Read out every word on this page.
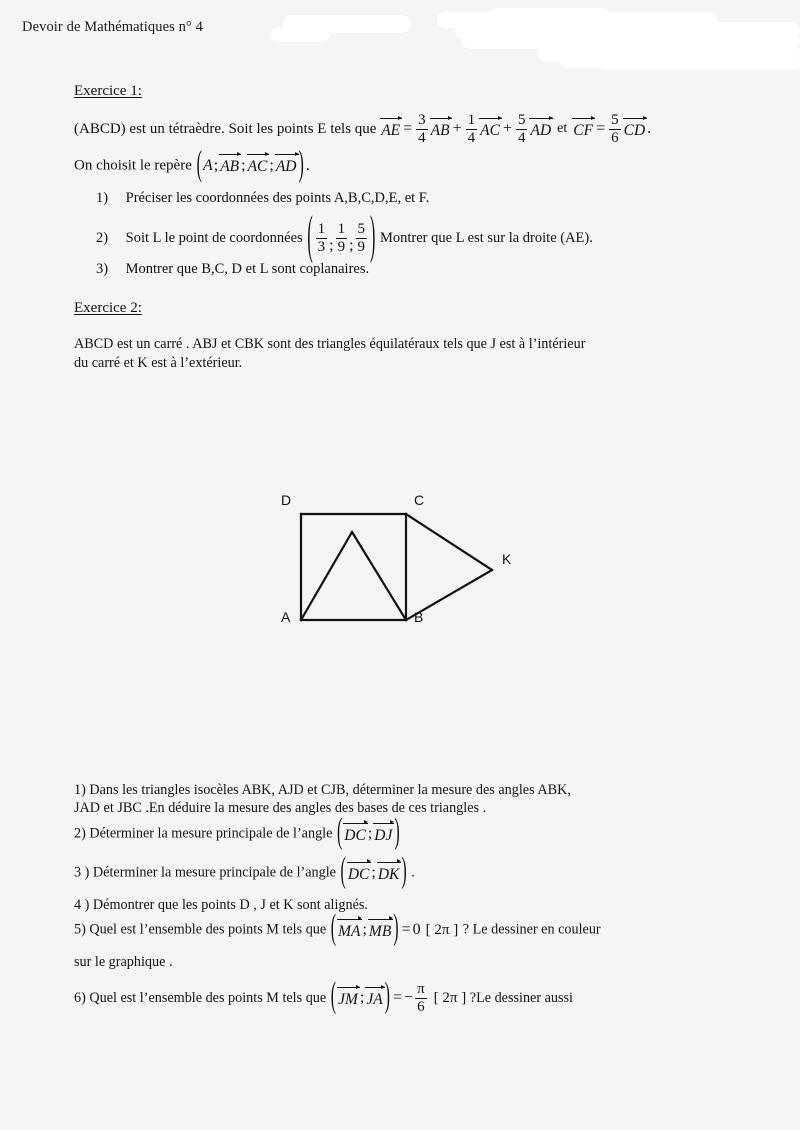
Devoir de Mathématiques n° 4
Exercice 1:
(ABCD) est un tétraèdre. Soit les points E tels que AE = $\frac{3}{4}$ AB + $\frac{1}{4}$ AC + $\frac{5}{4}$ AD et CF = $\frac{5}{6}$ CD .
On choisit le repère ( A ; AB ; AC ; AD ) .
1) Préciser les coordonnées des points A,B,C,D,E, et F.
2) Soit L le point de coordonnées ( $\frac{1}{3}$ ; $\frac{1}{9}$ ; $\frac{5}{9}$ ) Montrer que L est sur la droite (AE).
3) Montrer que B,C, D et L sont coplanaires.
Exercice 2:
ABCD est un carré . ABJ et CBK sont des triangles équilatéraux tels que J est à l’intérieur
du carré et K est à l’extérieur.
A	B
C
D
K
1) Dans les triangles isocèles ABK, AJD et CJB, déterminer la mesure des angles ABK,
JAD et JBC .En déduire la mesure des angles des bases de ces triangles .
2) Déterminer la mesure principale de l’angle ( DC ; DJ )
3 ) Déterminer la mesure principale de l’angle ( DC ; DK ) .
4 ) Démontrer que les points D , J et K sont alignés.
5) Quel est l’ensemble des points M tels que ( MA ; MB ) = 0 [ 2π ] ? Le dessiner en couleur
sur le graphique .
6) Quel est l’ensemble des points M tels que ( JM ; JA ) = − $\frac{\pi}{6}$ [ 2π ] ?Le dessiner aussi
